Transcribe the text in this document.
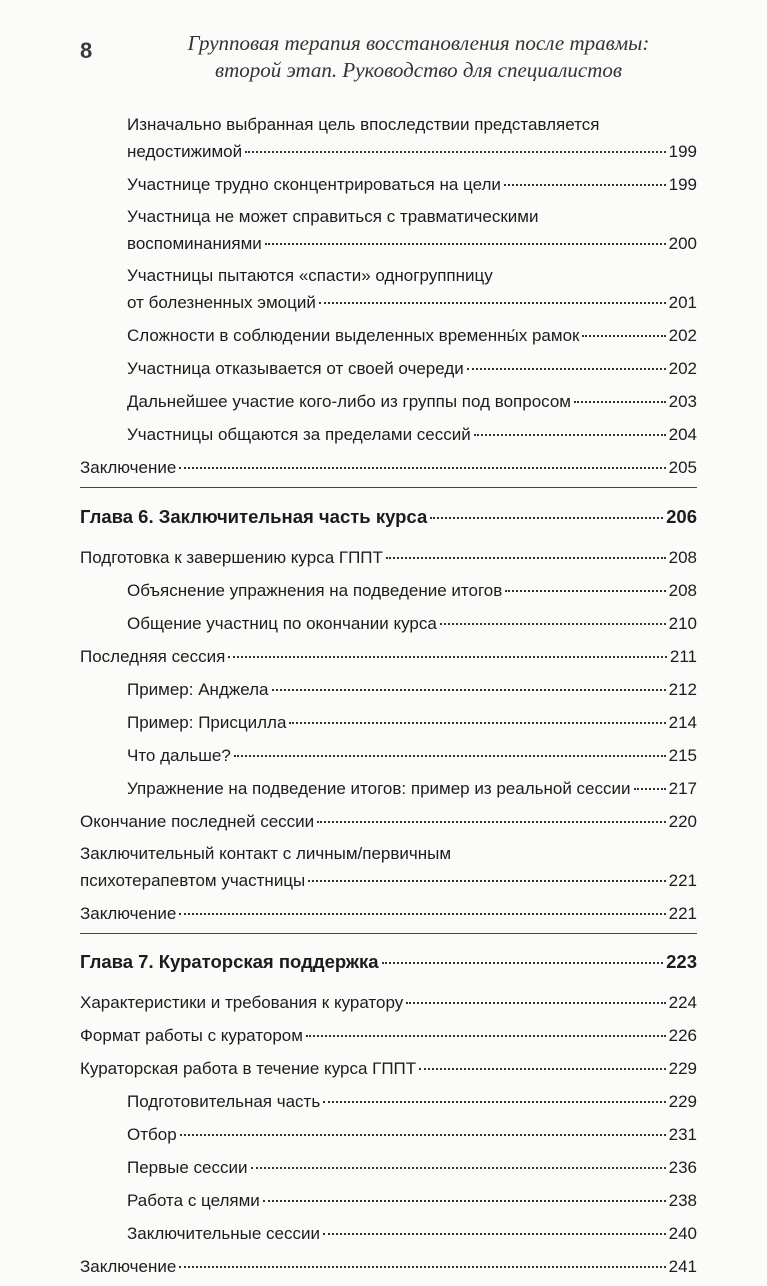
8	Групповая терапия восстановления после травмы:
второй этап. Руководство для специалистов
Изначально выбранная цель впоследствии представляется
недостижимой	199
Участнице трудно сконцентрироваться на цели	199
Участница не может справиться с травматическими
воспоминаниями	200
Участницы пытаются «спасти» одногруппницу
от болезненных эмоций	201
Сложности в соблюдении выделенных временны́х рамок	202
Участница отказывается от своей очереди	202
Дальнейшее участие кого-либо из группы под вопросом	203
Участницы общаются за пределами сессий	204
Заключение	205
Глава 6. Заключительная часть курса	206
Подготовка к завершению курса ГППТ	208
Объяснение упражнения на подведение итогов	208
Общение участниц по окончании курса	210
Последняя сессия	211
Пример: Анджела	212
Пример: Присцилла	214
Что дальше?	215
Упражнение на подведение итогов: пример из реальной сессии 217
Окончание последней сессии	220
Заключительный контакт с личным/первичным
психотерапевтом участницы	221
Заключение	221
Глава 7. Кураторская поддержка	223
Характеристики и требования к куратору	224
Формат работы с куратором	226
Кураторская работа в течение курса ГППТ	229
Подготовительная часть	229
Отбор	231
Первые сессии	236
Работа с целями	238
Заключительные сессии	240
Заключение	241
